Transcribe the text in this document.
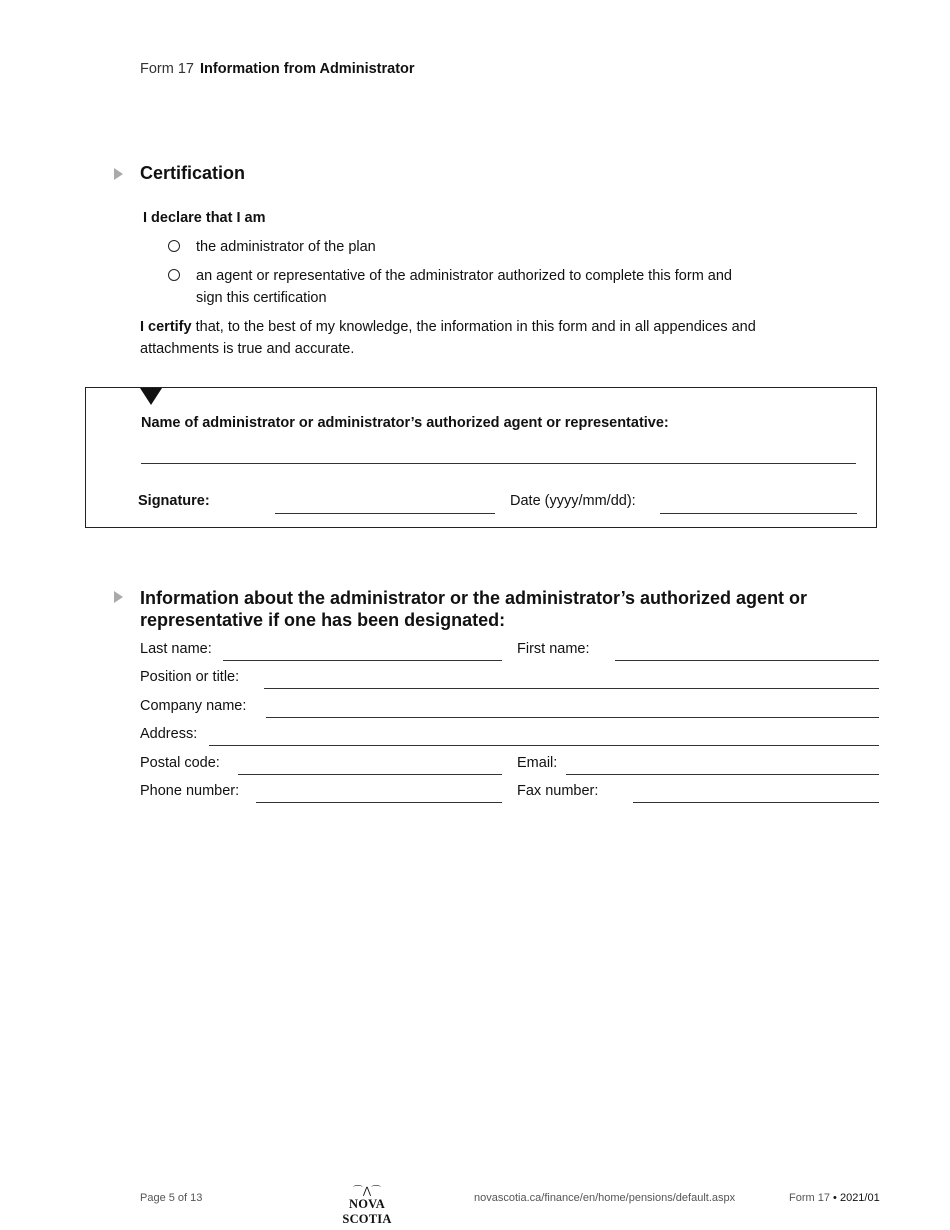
Form 17 Information from Administrator
Certification
I declare that I am
the administrator of the plan
an agent or representative of the administrator authorized to complete this form and
sign this certification
I certify that, to the best of my knowledge, the information in this form and in all appendices and attachments is true and accurate.
Name of administrator or administrator’s authorized agent or representative:
Signature:	Date (yyyy/mm/dd):
Information about the administrator or the administrator’s authorized agent or
representative if one has been designated:
Last name:	First name:
Position or title:
Company name:
Address:
Postal code:	Email:
Phone number:	Fax number:
Page 5 of 13
⌒⋀⌒
NOVA SCOTIA
novascotia.ca/finance/en/home/pensions/default.aspx	Form 17 • 2021/01
